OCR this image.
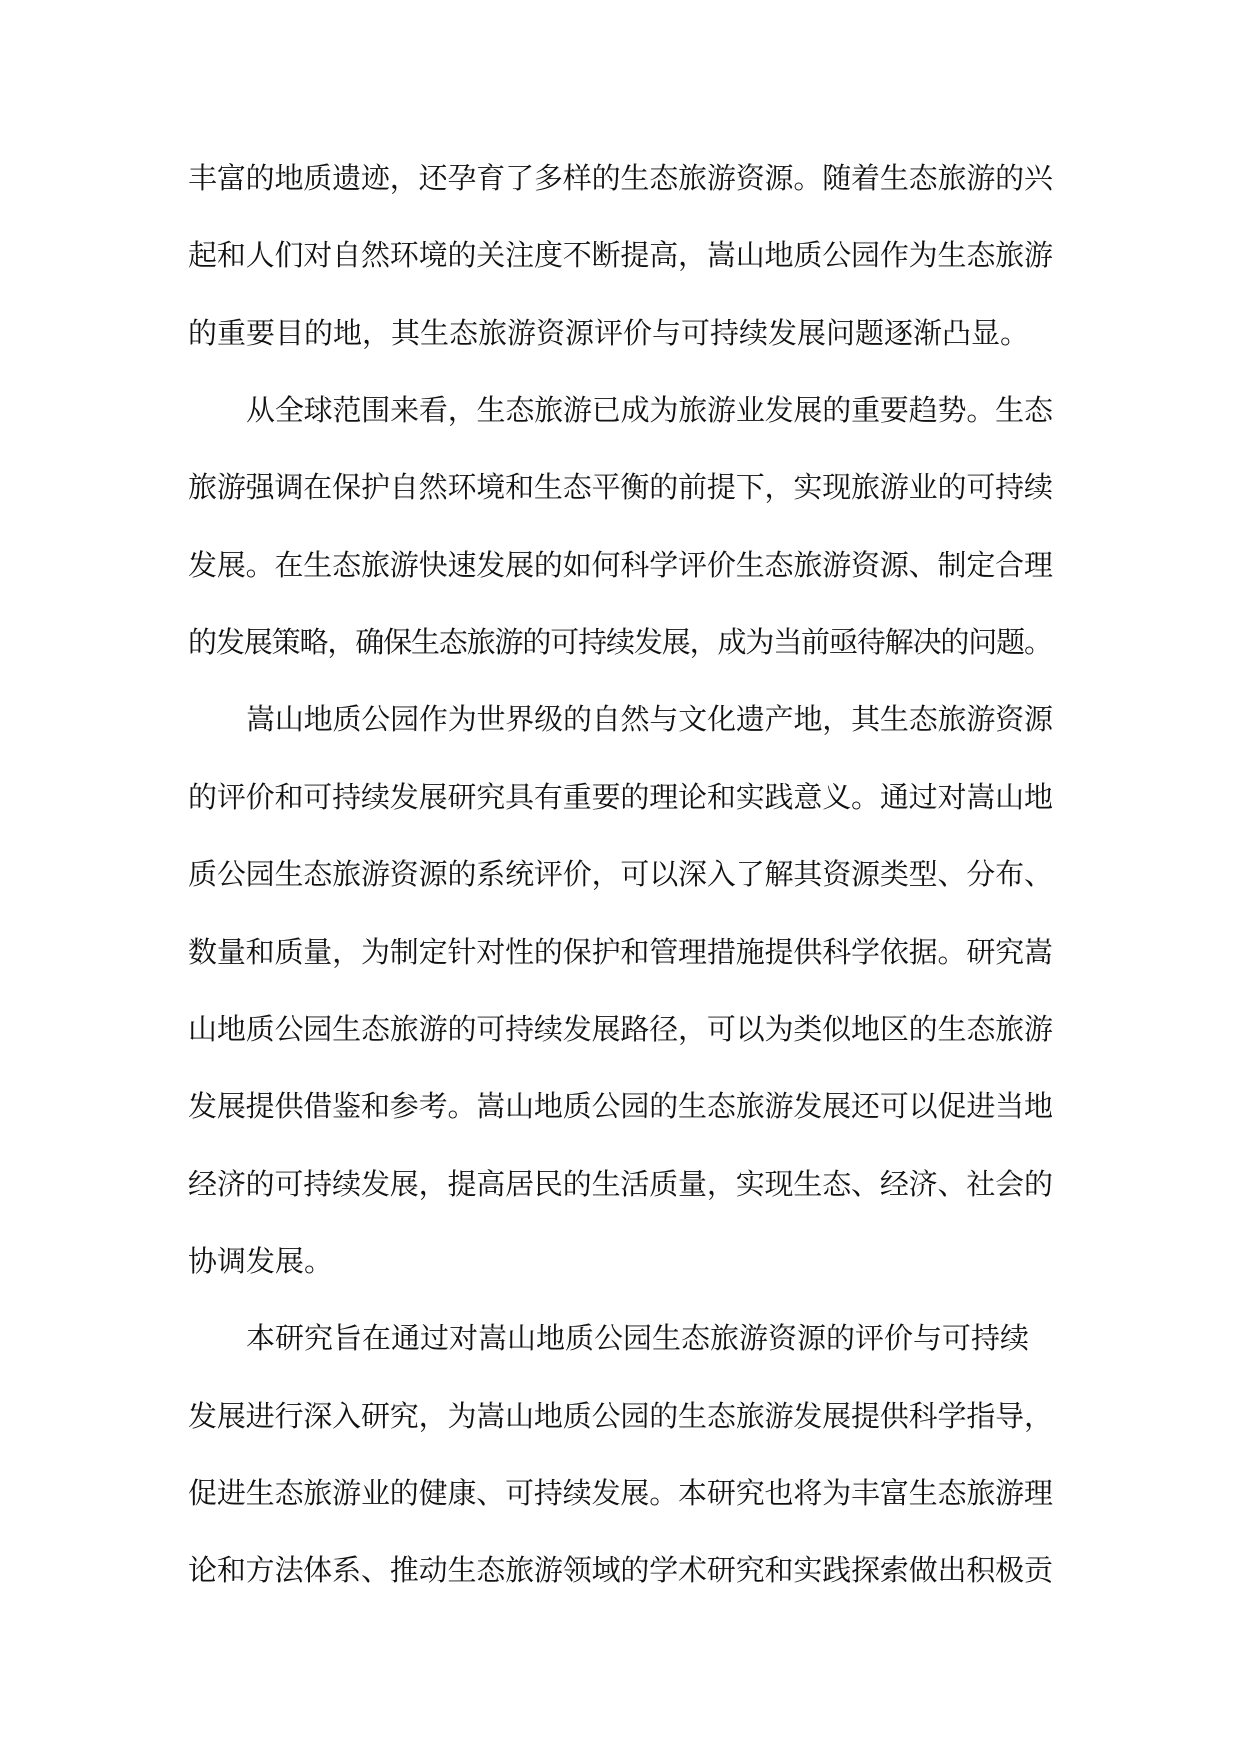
丰富的地质遗迹，还孕育了多样的生态旅游资源。随着生态旅游的兴

起和人们对自然环境的关注度不断提高，嵩山地质公园作为生态旅游

的重要目的地，其生态旅游资源评价与可持续发展问题逐渐凸显。

从全球范围来看，生态旅游已成为旅游业发展的重要趋势。生态

旅游强调在保护自然环境和生态平衡的前提下，实现旅游业的可持续

发展。在生态旅游快速发展的如何科学评价生态旅游资源、制定合理

的发展策略，确保生态旅游的可持续发展，成为当前亟待解决的问题。

嵩山地质公园作为世界级的自然与文化遗产地，其生态旅游资源

的评价和可持续发展研究具有重要的理论和实践意义。通过对嵩山地

质公园生态旅游资源的系统评价，可以深入了解其资源类型、分布、

数量和质量，为制定针对性的保护和管理措施提供科学依据。研究嵩

山地质公园生态旅游的可持续发展路径，可以为类似地区的生态旅游

发展提供借鉴和参考。嵩山地质公园的生态旅游发展还可以促进当地

经济的可持续发展，提高居民的生活质量，实现生态、经济、社会的

协调发展。

本研究旨在通过对嵩山地质公园生态旅游资源的评价与可持续

发展进行深入研究，为嵩山地质公园的生态旅游发展提供科学指导，

促进生态旅游业的健康、可持续发展。本研究也将为丰富生态旅游理

论和方法体系、推动生态旅游领域的学术研究和实践探索做出积极贡
